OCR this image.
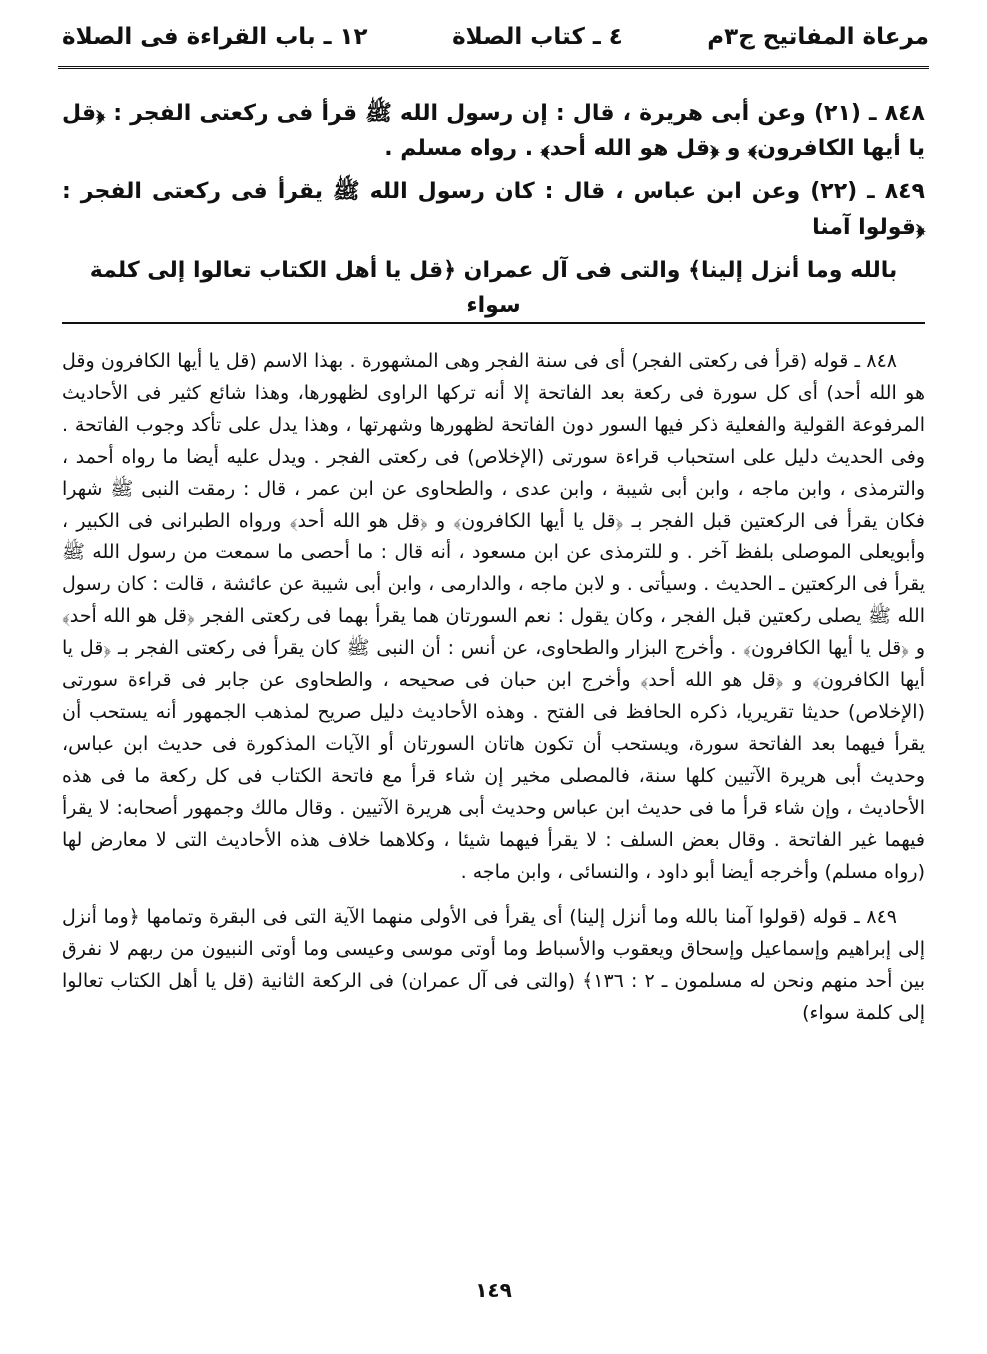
مرعاة المفاتيح ج٣م
٤ ـ كتاب الصلاة
١٢ ـ باب القراءة فى الصلاة

٨٤٨ ـ (٢١) وعن أبى هريرة ، قال : إن رسول الله ﷺ قرأ فى ركعتى الفجر : ﴿قل يا أيها الكافرون﴾ و ﴿قل هو الله أحد﴾ . رواه مسلم .

٨٤٩ ـ (٢٢) وعن ابن عباس ، قال : كان رسول الله ﷺ يقرأ فى ركعتى الفجر : ﴿قولوا آمنا

بالله وما أنزل إلينا﴾ والتى فى آل عمران ﴿قل يا أهل الكتاب تعالوا إلى كلمة سواء

٨٤٨ ـ قوله (قرأ فى ركعتى الفجر) أى فى سنة الفجر وهى المشهورة . بهذا الاسم (قل يا أيها الكافرون وقل هو الله أحد) أى كل سورة فى ركعة بعد الفاتحة إلا أنه تركها الراوى لظهورها، وهذا شائع كثير فى الأحاديث المرفوعة القولية والفعلية ذكر فيها السور دون الفاتحة لظهورها وشهرتها ، وهذا يدل على تأكد وجوب الفاتحة . وفى الحديث دليل على استحباب قراءة سورتى (الإخلاص) فى ركعتى الفجر . ويدل عليه أيضا ما رواه أحمد ، والترمذى ، وابن ماجه ، وابن أبى شيبة ، وابن عدى ، والطحاوى عن ابن عمر ، قال : رمقت النبى ﷺ شهرا فكان يقرأ فى الركعتين قبل الفجر بـ ﴿قل يا أيها الكافرون﴾ و ﴿قل هو الله أحد﴾ ورواه الطبرانى فى الكبير ، وأبويعلى الموصلى بلفظ آخر . و للترمذى عن ابن مسعود ، أنه قال : ما أحصى ما سمعت من رسول الله ﷺ يقرأ فى الركعتين ـ الحديث . وسيأتى . و لابن ماجه ، والدارمى ، وابن أبى شيبة عن عائشة ، قالت : كان رسول الله ﷺ يصلى ركعتين قبل الفجر ، وكان يقول : نعم السورتان هما يقرأ بهما فى ركعتى الفجر ﴿قل هو الله أحد﴾ و ﴿قل يا أيها الكافرون﴾ . وأخرج البزار والطحاوى، عن أنس : أن النبى ﷺ كان يقرأ فى ركعتى الفجر بـ ﴿قل يا أيها الكافرون﴾ و ﴿قل هو الله أحد﴾ وأخرج ابن حبان فى صحيحه ، والطحاوى عن جابر فى قراءة سورتى (الإخلاص) حديثا تقريريا، ذكره الحافظ فى الفتح . وهذه الأحاديث دليل صريح لمذهب الجمهور أنه يستحب أن يقرأ فيهما بعد الفاتحة سورة، ويستحب أن تكون هاتان السورتان أو الآيات المذكورة فى حديث ابن عباس، وحديث أبى هريرة الآتيين كلها سنة، فالمصلى مخير إن شاء قرأ مع فاتحة الكتاب فى كل ركعة ما فى هذه الأحاديث ، وإن شاء قرأ ما فى حديث ابن عباس وحديث أبى هريرة الآتيين . وقال مالك وجمهور أصحابه: لا يقرأ فيهما غير الفاتحة . وقال بعض السلف : لا يقرأ فيهما شيئا ، وكلاهما خلاف هذه الأحاديث التى لا معارض لها (رواه مسلم) وأخرجه أيضا أبو داود ، والنسائى ، وابن ماجه .

٨٤٩ ـ قوله (قولوا آمنا بالله وما أنزل إلينا) أى يقرأ فى الأولى منهما الآية التى فى البقرة وتمامها ﴿وما أنزل إلى إبراهيم وإسماعيل وإسحاق ويعقوب والأسباط وما أوتى موسى وعيسى وما أوتى النبيون من ربهم لا نفرق بين أحد منهم ونحن له مسلمون ـ ٢ : ١٣٦﴾ (والتى فى آل عمران) فى الركعة الثانية (قل يا أهل الكتاب تعالوا إلى كلمة سواء)

١٤٩
